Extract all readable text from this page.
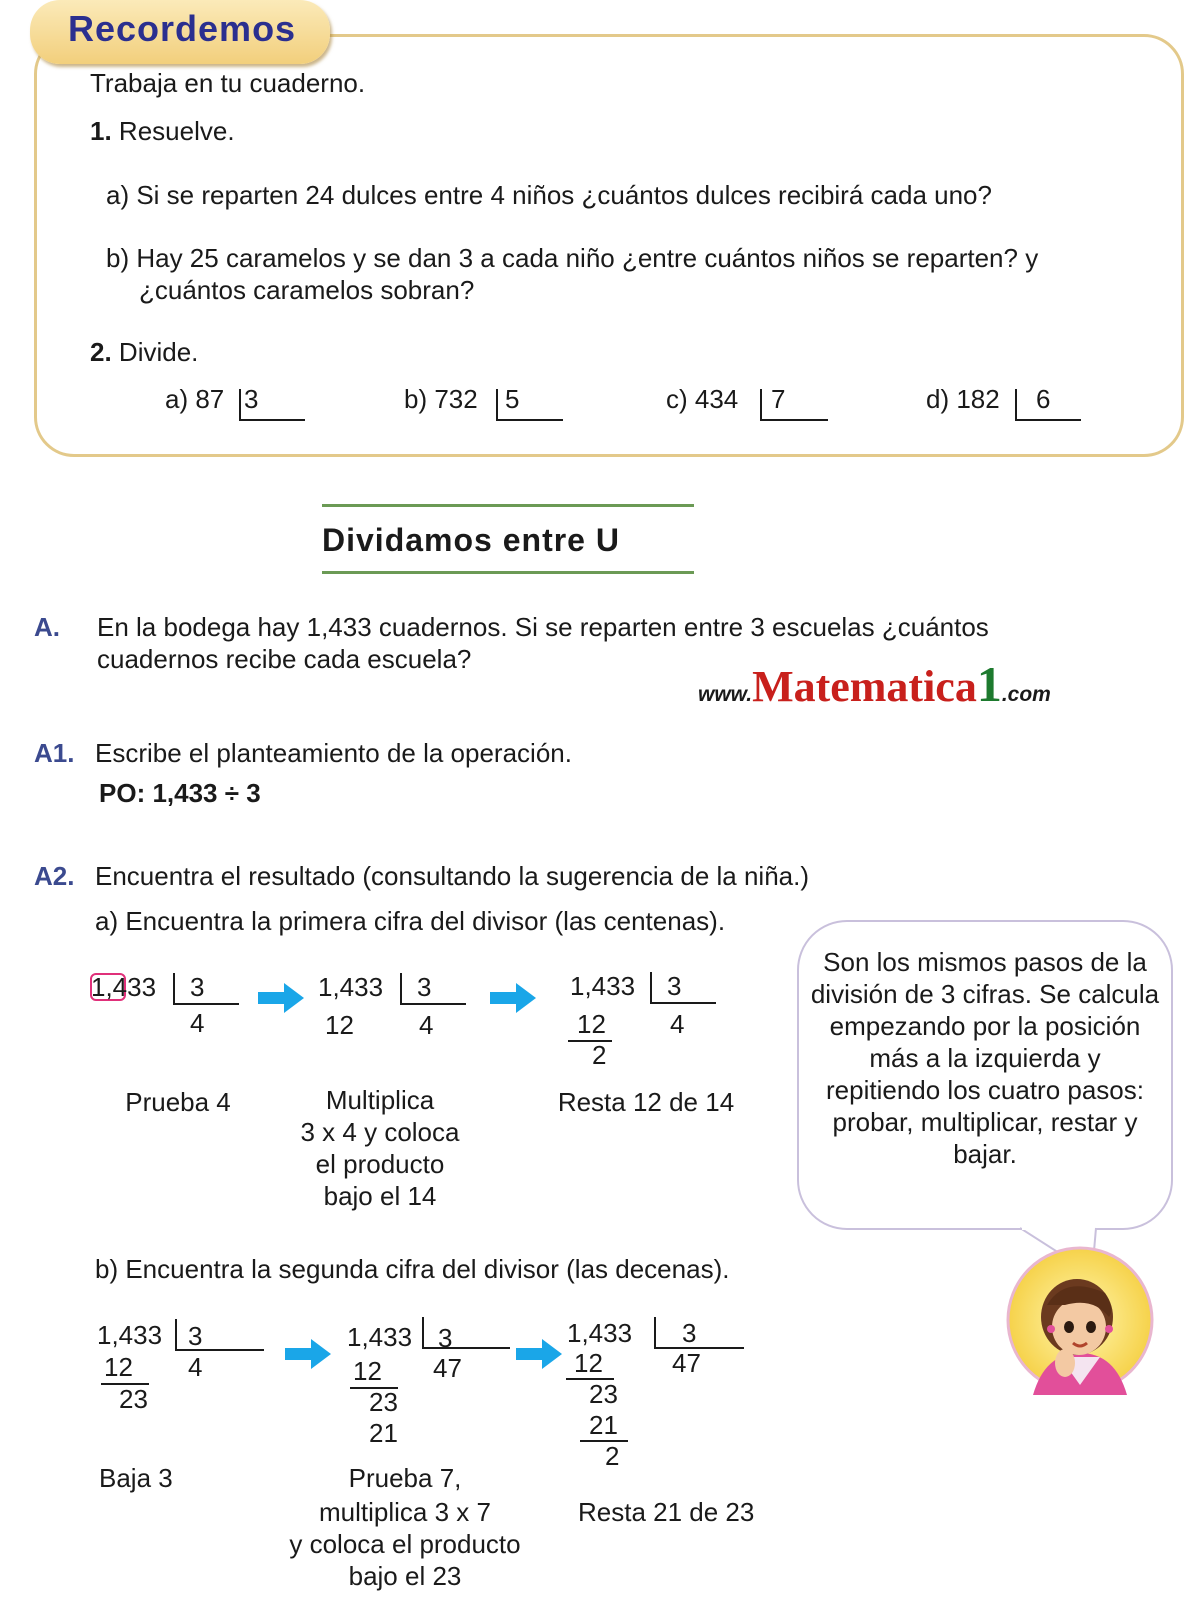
Recordemos
Trabaja en tu cuaderno.
1. Resuelve.
a) Si se reparten 24 dulces entre 4 niños ¿cuántos dulces recibirá cada uno?
b) Hay 25 caramelos y se dan 3 a cada niño ¿entre cuántos niños se reparten? y
¿cuántos caramelos sobran?
2. Divide.
a) 87 3	b) 732 5	c) 434 7	d) 182 6
Dividamos entre U
A. En la bodega hay 1,433 cuadernos. Si se reparten entre 3 escuelas ¿cuántos
cuadernos recibe cada escuela?
www.Matematica1.com
A1. Escribe el planteamiento de la operación.
PO: 1,433 ÷ 3
A2. Encuentra el resultado (consultando la sugerencia de la niña.)
a) Encuentra la primera cifra del divisor (las centenas).
1,433 3
4
1,433 3
4
12
1,433 3
4
12
2
Prueba 4	Multiplica
3 x 4 y coloca
el producto
bajo el 14
Resta 12 de 14
b) Encuentra la segunda cifra del divisor (las decenas).
1,433 3
4
12
23
1,433 3
47
12
23
21
1,433 3
47
12
23
21
2
Baja 3	Prueba 7,
multiplica 3 x 7
y coloca el producto
bajo el 23
Resta 21 de 23
Son los mismos pasos de la división de 3 cifras. Se calcula empezando por la posición más a la izquierda y repitiendo los cuatro pasos: probar, multiplicar, restar y bajar.
